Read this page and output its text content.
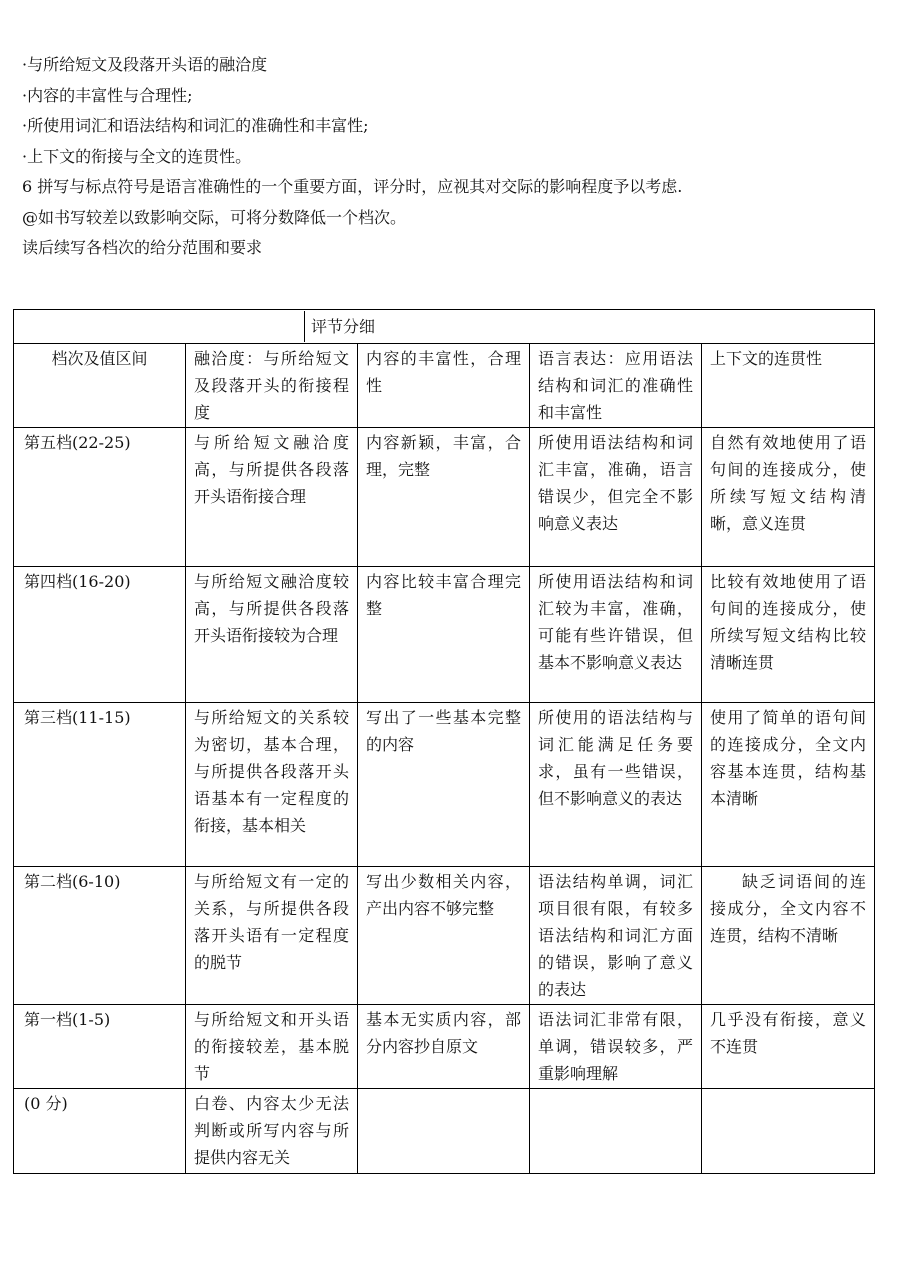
·与所给短文及段落开头语的融洽度

·内容的丰富性与合理性;

·所使用词汇和语法结构和词汇的准确性和丰富性;

·上下文的衔接与全文的连贯性。

6 拼写与标点符号是语言准确性的一个重要方面，评分时，应视其对交际的影响程度予以考虑.

@如书写较差以致影响交际，可将分数降低一个档次。

读后续写各档次的给分范围和要求

评节分细				
档次及值区间	融洽度：与所给短文及段落开头的衔接程度	内容的丰富性，合理性	语言表达：应用语法结构和词汇的准确性和丰富性	上下文的连贯性
第五档(22-25)	与所给短文融洽度高，与所提供各段落开头语衔接合理	内容新颖，丰富，合理，完整	所使用语法结构和词汇丰富，准确，语言错误少，但完全不影响意义表达	自然有效地使用了语句间的连接成分，使所续写短文结构清晰，意义连贯
第四档(16-20)	与所给短文融洽度较高，与所提供各段落开头语衔接较为合理	内容比较丰富合理完整	所使用语法结构和词汇较为丰富，准确，可能有些许错误，但基本不影响意义表达	比较有效地使用了语句间的连接成分，使所续写短文结构比较清晰连贯
第三档(11-15)	与所给短文的关系较为密切，基本合理，与所提供各段落开头语基本有一定程度的衔接，基本相关	写出了一些基本完整的内容	所使用的语法结构与词汇能满足任务要求，虽有一些错误，但不影响意义的表达	使用了简单的语句间的连接成分，全文内容基本连贯，结构基本清晰
第二档(6-10)	与所给短文有一定的关系，与所提供各段落开头语有一定程度的脱节	写出少数相关内容，产出内容不够完整	语法结构单调，词汇项目很有限，有较多语法结构和词汇方面的错误，影响了意义的表达	缺乏词语间的连接成分，全文内容不连贯，结构不清晰
第一档(1-5)	与所给短文和开头语的衔接较差，基本脱节	基本无实质内容，部分内容抄自原文	语法词汇非常有限，单调，错误较多，严重影响理解	几乎没有衔接，意义不连贯
(0 分)	白卷、内容太少无法判断或所写内容与所提供内容无关			
